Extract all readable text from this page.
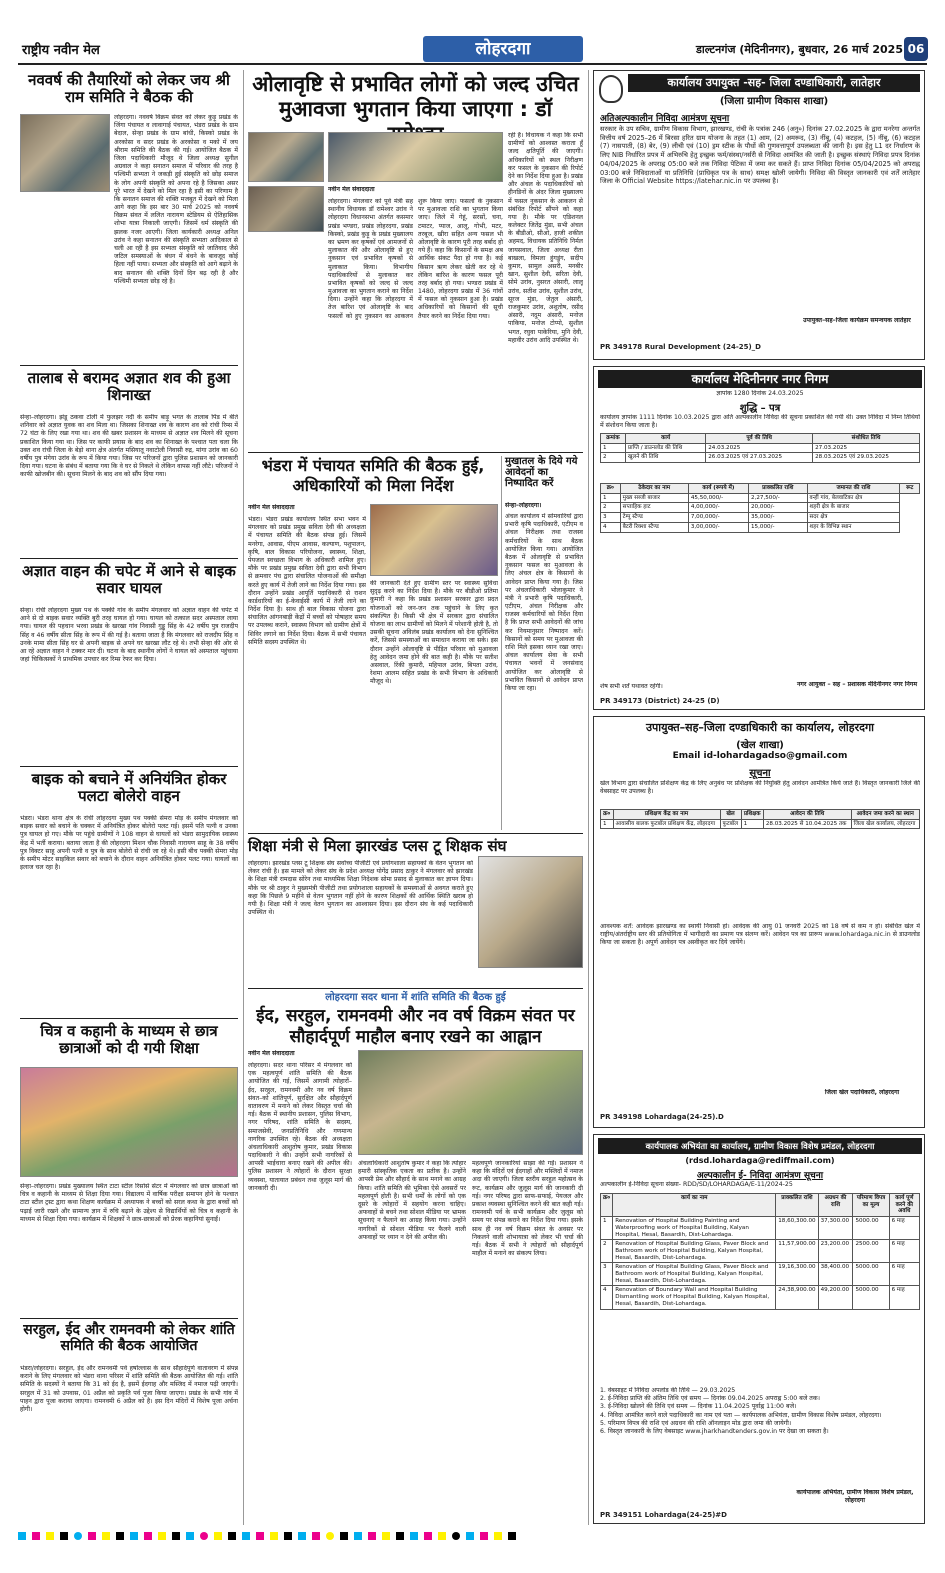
राष्ट्रीय नवीन मेल	लोहरदगा	डाल्टनगंज (मेदिनीनगर), बुधवार, 26 मार्च 2025 06
नववर्ष की तैयारियों को लेकर जय श्री राम समिति ने बैठक की

लोहरदगा। नववर्ष विक्रम संवत को लेकर कुड़ू प्रखंड के जिंगा पंचायत व लावागाई पंचायत, भंडरा प्रखंड के ग्राम बेदाल, सेन्हा प्रखंड के ग्राम बांधी, किस्को प्रखंड के अरकोसा व सदर प्रखंड के अरकोसा व मको में जय श्रीराम समिति की बैठक की गई। आयोजित बैठक में जिला पदाधिकारी मौजूद थे जिला अध्यक्ष सुनील अग्रवाल ने कहा सनातन समाज में परिवार की तरह है पश्चिमी सभ्यता ने जकड़ी हुई संस्कृति को छोड़ समाज के लोग अपनी संस्कृति को अपना रहे है जिसका असर पूरे भारत में देखने को मिल रहा है इसी का परिणाम है कि सनातन समाज की शक्ति मजबूत में देखने को मिला आगे कहा कि इस बार 30 मार्च 2025 को नववर्ष विक्रम संवत में ललित नारायण स्टेडियम से ऐतिहासिक शोभा यात्रा निकाली जाएगी। जिसमें धर्म संस्कृति की झलक नजर आएगी। जिला कार्यकारी अध्यक्ष अनिल उरांव ने कहा सनातन की संस्कृति सभ्यता आदिकाल से चली आ रही है इस सभ्यता संस्कृति को जातिवाद जैसे जटिल समस्याओं के बंधन में बंधने के बावजूद कोई हिला नहीं पाया। सभ्यता और संस्कृति को आगे बढ़ाने के बाद सनातन की शक्ति दिनों दिन बढ़ रही है और पश्चिमी सभ्यता छोड़ रहे है।

तालाब से बरामद अज्ञात शव की हुआ शिनाख्त
सेन्हा–लोहरदगा। झंडू ठकवा टोली में फुलझर नदी के समीप बाड़ू भगत के तालाब पिंड में बीते शनिवार को अज्ञात युवक का शव मिला था। जिसका शिनाख्त शव के कारण शव को रांची रिम्स में 72 घंटा के लिए रखा गया था। शव की खबर प्रशासन के माध्यम से अज्ञात शव मिलने की सूचना प्रकाशित किया गया था। जिस पर काफी प्रयास के बाद शव का शिनाख्त के पश्चात पता चला कि उक्त शव रांची जिला के बेड़ो थाना क्षेत्र अंतर्गत मसियातू नवाटोली निवासी रुद्र, मांगा उरांव का 60 वर्षीय पुत्र मंगेया उरांव के रूप में किया गया। जिस पर परिजनों द्वारा पुलिस प्रशासन को जानकारी दिया गया। घटना के संबंध में बताया गया कि वे घर से निकले थे लेकिन वापस नहीं लौटे। परिजनों ने काफी खोजबीन की। सूचना मिलने के बाद शव को सौंप दिया गया।
अज्ञात वाहन की चपेट में आने से बाइक सवार घायल
सेन्हा। रांची लोहरदगा मुख्य पथ के पक्की गांव के समीप मंगलवार को अज्ञात वाहन की चपेट में आने से दो बाइक सवार व्यक्ति बुरी तरह घायल हो गया। घायल को तत्काल सदर अस्पताल लाया गया। घायल की पहचान भरवा प्रखंड के खरखा गांव निवासी गुड्डू सिंह के 42 वर्षीय पुत्र राजदीप सिंह व 46 वर्षीय सीता सिंह के रूप में की गई है। बताया जाता है कि मंगलवार को राजदीप सिंह व उनके मामा सीता सिंह घर से अपनी बाइक से अपने घर खरखा लौट रहे थे। तभी सेन्हा की ओर से आ रहे अज्ञात वाहन ने टक्कर मार दी। घटना के बाद स्थानीय लोगों ने घायल को अस्पताल पहुंचाया जहां चिकित्सकों ने प्राथमिक उपचार कर रिम्स रेफर कर दिया।
बाइक को बचाने में अनियंत्रित होकर पलटा बोलेरो वाहन
भंडरा। भंडरा थाना क्षेत्र के रांची लोहरदगा मुख्य पथ पक्की सेमरा मोड़ के समीप मंगलवार को बाइक सवार को बचाने के चक्कर में अनियंत्रित होकर बोलेरो पलट गई। इसमें पति पत्नी व उनका पुत्र घायल हो गए। मौके पर पहुंचे ग्रामीणों ने 108 वाहन से घायलों को भंडरा सामुदायिक स्वास्थ्य केंद्र में भर्ती कराया। बताया जाता है की लोहरदगा मिशन चौक निवासी नारायण साहू के 38 वर्षीय पुत्र विक्टर साहू अपनी पत्नी व पुत्र के साथ बोलेरो से रांची जा रहे थे। इसी बीच पक्की सेमरा मोड़ के समीप मोटर साइकिल सवार को बचाने के दौरान वाहन अनियंत्रित होकर पलट गया। घायलों का इलाज चल रहा है।
चित्र व कहानी के माध्यम से छात्र छात्राओं को दी गयी शिक्षा
सेन्हा–लोहरदगा। प्रखंड मुख्यालय स्थित टाटा स्टील रिसोर्स सेंटर में मंगलवार को छात्र छात्राओं को चित्र व कहानी के माध्यम से शिक्षा दिया गया। विद्यालय में वार्षिक परीक्षा समापन होने के पश्चात टाटा स्टील ट्रस्ट द्वारा कथा शिक्षण कार्यक्रम में अध्यापक ने बच्चों को सरल कथा के द्वारा बच्चों को पढ़ाई जारी रखने और सामान्य ज्ञान में रुचि बढ़ाने के उद्देश्य से विद्यार्थियों को चित्र व कहानी के माध्यम से शिक्षा दिया गया। कार्यक्रम में शिक्षकों ने छात्र-छात्राओं को प्रेरक कहानियां सुनाईं।
सरहुल, ईद और रामनवमी को लेकर शांति समिति की बैठक आयोजित
भंडरा/लोहरदगा। सरहुल, ईद और रामनवमी पर्व हर्षोल्लास के साथ सौहार्दपूर्ण वातावरण में संपन्न कराने के लिए मंगलवार को भंडरा थाना परिसर में शांति समिति की बैठक आयोजित की गई। शांति समिति के सदस्यों ने बताया कि 31 को ईद है, इसमें ईदगाह और मस्जिद में नमाज पढ़ी जाएगी। सरहुल में 31 को उपवास, 01 अप्रैल को प्रकृति पर्व पूजा किया जाएगा। प्रखंड के सभी गांव में पाहन द्वारा पूजा कराया जाएगा। रामनवमी 6 अप्रैल को है। इस दिन मंदिरों में विशेष पूजा अर्चना होगी।
ओलावृष्टि से प्रभावित लोगों को जल्द उचित मुआवजा भुगतान किया जाएगा : डॉ
नवीन मेल संवाददाता
लोहरदगा। मंगलवार को पूर्व मंत्री सह स्थानीय विधायक डॉ रामेश्वर उरांव ने लोहरदगा विधानसभा अंतर्गत कसमार प्रखंड भण्डरा, प्रखंड लोहरदगा, प्रखंड किस्को, प्रखंड कुड़ू के प्रखंड मुख्यालय का भ्रमण कर कृषकों एवं आमजनों से मुलाकात की और ओलावृष्टि से हुए नुकसान एवं प्रभावित कृषकों से मुलाकात किया। विभागीय पदाधिकारियों से मुलाकात कर प्रभावित कृषकों को जल्द से जल्द मुआवजा का भुगतान कराने का निर्देश दिया। उन्होंने कहा कि लोहरदगा में तेज बारिश एवं ओलावृष्टि के बाद फसलों को हुए नुकसान का आकलन शुरू किया जाए। फसलों के नुकसान पर मुआवजा राशि का भुगतान किया जाए। जिले में गेहूं, सरसों, चना, टमाटर, प्याज, आलू, गोभी, मटर, तरबूज, खीरा सहित अन्य फसल भी ओलावृष्टि के कारण पूरी तरह बर्बाद हो गये हैं। कहा कि किसानों के समक्ष अब आर्थिक संकट पैदा हो गया है। कई किसान ऋण लेकर खेती कर रहे थे लेकिन बारिश के कारण फसल पूरी तरह बर्बाद हो गया। भण्डरा प्रखंड में 1480, लोहरदगा प्रखंड में 36 गांवों में फसल को नुकसान हुआ है। प्रखंड अधिकारियों को किसानों की सूची तैयार करने का निर्देश दिया गया।
रही है। विधायक ने कहा कि सभी ग्रामीणों को आश्वस्त कराता हूँ जल्द क्षतिपूर्ति की जाएगी। अधिकारियों को स्थल निरीक्षण कर फसल के नुकसान की रिपोर्ट देने का निर्देश दिया हुआ है। प्रखंड और अंचल के पदाधिकारियों को हीनडिनों के अंदर जिला मुख्यालय में फसल नुकसान के आकलन से संबंधित रिपोर्ट सौंपने को कहा गया है। मौके पर एडिशनल कलेक्टर जितेंद्र मुंडा, सभी अंचल के बीडीओ, सीओ, हाजी शकील अहमद, विधायक प्रतिनिधि निर्मल जायसवाल, जिला अध्यक्ष रीता बाखला, विमला हुंगडुंग, सदीप कुमार, सामुल असरी, मनबीर खान, सुशील देवी, सरिता देवी, सोमे उरांव, नुसरत अंसारी, लालू उरांव, सतीश उरांव, सुशील उरांव, सूरज मुंडा, जेतुल अंसारी, राजकुमार उरांव, अशुतोष, रसीद अंसारी, नदुम अंसारी, मनोज पाकिया, मनोज टोप्पो, सुशील भगत, रघुवा पाकेरिया, मुनि देवी, महावीर उरांव आदि उपस्थित थे।
भंडरा में पंचायत समिति की बैठक हुई, अधिकारियों को मिला निर्देश
नवीन मेल संवाददाता
भंडरा। भंडरा प्रखंड कार्यालय स्थित सभा भवन में मंगलवार को प्रखंड प्रमुख सविता देवी की अध्यक्षता में पंचायत समिति की बैठक संपन्न हुई। जिसमें मनरेगा, आवास, पीएम आवास, कल्याण, पशुपालन, कृषि, बाल विकास परियोजना, स्वास्थ्य, शिक्षा, पेयजल स्वच्छता विभाग के अधिकारी शामिल हुए। मौके पर प्रखंड प्रमुख सविता देवी द्वारा सभी विभाग से क्रमवार पंच द्वारा संचालित योजनाओं की समीक्षा करते हुए कार्य में तेजी लाने का निर्देश दिया गया। इस दौरान उन्होंने प्रखंड आपूर्ति पदाधिकारी से राशन कार्डधारियों का ई-केवाईसी कार्य में तेजी लाने का निर्देश दिया है। साथ ही बाल विकास योजना द्वारा संचालित आंगनबाड़ी केंद्रों में बच्चों को पोषाहार समय पर उपलब्ध कराने, स्वास्थ्य विभाग को ग्रामीण क्षेत्रों में शिविर लगाने का निर्देश दिया। बैठक में सभी पंचायत समिति सदस्य उपस्थित थे।
की जानकारी देते हुए ग्रामीण स्तर पर स्वास्थ्य सुविधा सुदृढ़ करने का निर्देश दिया है। मौके पर बीडीओ प्रतिमा कुमारी ने कहा कि प्रखंड प्रशासन सरकार द्वारा प्रदत योजनाओं को जन-जन तक पहुंचाने के लिए कृत संकल्पित है। किसी भी क्षेत्र में सरकार द्वारा संचालित योजना का लाभ ग्रामीणों को मिलने में परेशानी होती है, तो उसकी सूचना अविलंब प्रखंड कार्यालय को देना सुनिश्चित करें, जिससे समस्याओं का समाधान कराया जा सके। इस दौरान उन्होंने ओलावृष्टि से पीड़ित परिवार को मुआवजा हेतु आवेदन जमा होने की बात कही है। मौके पर सतीश असवाल, रिंकी कुमारी, महिपाल उरांव, बिपता उरांव, रेशमा आलम सहित प्रखंड के सभी विभाग के अधिकारी मौजूद थे।
मुखातल के दिये गये आवेदनों का निष्पादित करें
सेन्हा–लोहरदगा।
अंचल कार्यालय में सोमवारियों द्वारा प्रभारी कृषि पदाधिकारी, एटीएम व अंचल निरीक्षक तथा राजस्व कर्मचारियों के साथ बैठक आयोजित किया गया। आयोजित बैठक में ओलावृष्टि से प्रभावित नुकसान फसल का मुआवजा के लिए अंचल क्षेत्र के किसानों के आवेदन प्राप्त किया गया है। जिस पर अंचलाधिकारी भोलाकुमार ने मंत्री ने प्रभारी कृषि पदाधिकारी, एटीएम, अंचल निरीक्षक और राजस्व कर्मचारियों को निर्देश दिया है कि प्राप्त सभी आवेदनों की जांच कर नियमानुसार निष्पादन करें। किसानों को समय पर मुआवजा की राशि मिले इसका ध्यान रखा जाए। अंचल कार्यालय सेवा के सभी पंचायत भवनों में जनसंवाद आयोजित कर ओलावृष्टि से प्रभावित किसानों से आवेदन प्राप्त किया जा रहा।
शिक्षा मंत्री से मिला झारखंड प्लस टू शिक्षक संघ
लोहरदगा। झारखंड प्लस टू शिक्षक संघ सर्वोच्च पीजीटी एवं प्रयोगशाला सहायकों के वेतन भुगतान को लेकर रांची है। इस मामले को लेकर संघ के प्रदेश अध्यक्ष योगेंद्र प्रसाद ठाकुर ने मंगलवार को झारखंड के शिक्षा मंत्री रामदास सोरेन तथा माध्यमिक शिक्षा निदेशक सोमा प्रसाद से मुलाकात कर ज्ञापन दिया। मौके पर श्री ठाकुर ने मुख्यमंत्री पीजीटी तथा प्रयोगशाला सहायकों के समस्याओं से अवगत कराते हुए कहा कि पिछले 9 महीने से वेतन भुगतान नहीं होने के कारण शिक्षकों की आर्थिक स्थिति खराब हो गयी है। शिक्षा मंत्री ने जल्द वेतन भुगतान का आश्वासन दिया। इस दौरान संघ के कई पदाधिकारी उपस्थित थे।
लोहरदगा सदर थाना में शांति समिति की बैठक हुई
ईद, सरहुल, रामनवमी और नव वर्ष विक्रम संवत पर सौहार्दपूर्ण माहौल बनाए रखने का आह्वान
नवीन मेल संवाददाता
लोहरदगा। सदर थाना परिसर में मंगलवार को एक महत्वपूर्ण शांति समिति की बैठक आयोजित की गई, जिसमें आगामी त्योहारों–ईद, सरहुल, रामनवमी और नव वर्ष विक्रम संवत–को शांतिपूर्ण, सुरक्षित और सौहार्दपूर्ण वातावरण में मनाने को लेकर विस्तृत चर्चा की गई। बैठक में स्थानीय प्रशासन, पुलिस विभाग, नगर परिषद, शांति समिति के सदस्य, समाजसेवी, जनप्रतिनिधि और गणमान्य नागरिक उपस्थित रहे। बैठक की अध्यक्षता अंचलाधिकारी आशुतोष कुमार, प्रखंड विकास पदाधिकारी ने की। उन्होंने सभी नागरिकों से आपसी भाईचारा बनाए रखने की अपील की। पुलिस प्रशासन ने त्योहारों के दौरान सुरक्षा व्यवस्था, यातायात प्रबंधन तथा जुलूस मार्ग की जानकारी दी।
अंचलाधिकारी आशुतोष कुमार ने कहा कि त्योहार हमारी सांस्कृतिक एकता का प्रतीक है। उन्होंने आपसी प्रेम और सौहार्द के साथ मनाने का आग्रह किया। शांति समिति की भूमिका ऐसे अवसरों पर महत्वपूर्ण होती है। सभी धर्मों के लोगों को एक दूसरे के त्योहारों में सहयोग करना चाहिए। अफवाहों से बचने तथा सोशल मीडिया पर भ्रामक सूचनाएं न फैलाने का आग्रह किया गया। उन्होंने नागरिकों से सोशल मीडिया पर फैलने वाली अफवाहों पर ध्यान न देने की अपील की।
महत्वपूर्ण जानकारियां साझा की गईं। प्रशासन ने कहा कि मंदिरों एवं ईदगाहों और मस्जिदों में नमाज अदा की जाएगी। जिला स्तरीय सरहुल महोत्सव के रूट, कार्यक्रम और जुलूस मार्ग की जानकारी दी गई। नगर परिषद द्वारा साफ-सफाई, पेयजल और प्रकाश व्यवस्था सुनिश्चित करने की बात कही गई। रामनवमी पर्व के सभी कार्यक्रम और जुलूस को समय पर संपन्न कराने का निर्देश दिया गया। इसके साथ ही नव वर्ष विक्रम संवत के अवसर पर निकलने वाली शोभायात्रा को लेकर भी चर्चा की गई। बैठक में सभी ने त्योहारों को सौहार्दपूर्ण माहौल में मनाने का संकल्प लिया।
कार्यालय उपायुक्त -सह- जिला दण्डाधिकारी, लातेहार
(जिला ग्रामीण विकास शाखा)
अतिअल्पकालीन निविदा आमंत्रण सूचना
सरकार के उप सचिव, ग्रामीण विकास विभाग, झारखण्ड, रांची के पत्रांक 246 (अनु०) दिनांक 27.02.2025 के द्वारा मनरेगा अन्तर्गत वित्तीय वर्ष 2025–26 में बिरसा हरित ग्राम योजना के तहत (1) आम, (2) अमरूद, (3) नींबू, (4) कटहल, (5) नींबू, (6) कटहल (7) नासपाती, (8) बेर, (9) लीची एवं (10) ड्रम स्टीक के पौधों की गुणवत्तापूर्ण उपलब्धता की जानी है। इस हेतु L1 दर निर्धारण के लिए NIB निर्धारित प्रपत्र में अभिरुचि हेतु इच्छुक फर्म/संस्था/नर्सरी से निविदा आमंत्रित की जाती है। इच्छुक संस्थाएं निविदा प्रपत्र दिनांक 04/04/2025 के अपराह्न 05:00 बजे तक निविदा पेटिका में जमा कर सकते हैं। प्राप्त निविदा दिनांक 05/04/2025 को अपराह्न 03:00 बजे निविदाताओं या प्रतिनिधि (प्राधिकृत पत्र के साथ) समक्ष खोली जायेगी। निविदा की विस्तृत जानकारी एवं शर्तें लातेहार जिला के Official Website https://latehar.nic.in पर उपलब्ध है।
उपायुक्त–सह–जिला कार्यक्रम समन्वयक लातेहार
PR 349178 Rural Development (24-25)_D
कार्यालय मेदिनीनगर नगर निगम
ज्ञापांक 1280 दिनांक 24.03.2025
शुद्धि – पत्र
कार्यालय ज्ञापांक 1111 दिनांक 10.03.2025 द्वारा अति अल्पकालीन निविदा की सूचना प्रकाशित की गयी थी। उक्त निविदा में निम्न तिथियों में संशोधन किया जाता है।
क्रमांक	कार्य	पूर्व की तिथि	संशोधित तिथि
1	प्राप्ति / डाउनलोड की तिथि	24.03.2025	27.03.2025
2	खुलने की तिथि	26.03.2025 एवं 27.03.2025	28.03.2025 एवं 29.03.2025
क्र०	ठेकेदार का नाम	कार्य (रूपये में)	प्राक्कलित राशि	जमानत की राशि	रूट
1	मुख्य सब्जी बाजार	45,50,000/-	2,27,500/-	वन्हीं गांव, बेलवाटिका क्षेत्र	
2	सप्ताहिक हाट	4,00,000/-	20,000/-	शहरी क्षेत्र के बाजार	
3	टेम्पू स्टैण्ड	7,00,000/-	35,000/-	सदर क्षेत्र	
4	बैटरी रिक्शा स्टैण्ड	3,00,000/-	15,000/-	शहर के विभिन्न स्थान	
शेष सभी शर्तें यथावत रहेंगी।	नगर आयुक्त – सह – प्रशासक मेदिनीनगर नगर निगम
PR 349173 (District) 24-25 (D)
उपायुक्त–सह–जिला दण्डाधिकारी का कार्यालय, लोहरदगा
(खेल शाखा)
Email id-lohardagadso@gmail.com
सूचना
खेल विभाग द्वारा संचालित प्रशिक्षण केंद्र के लिए अनुबंध पर प्रशिक्षक की नियुक्ति हेतु आवेदन आमंत्रित किये जाते हैं। विस्तृत जानकारी जिले की वेबसाइट पर उपलब्ध है।
क्र०	प्रशिक्षण केंद्र का नाम	खेल	प्रशिक्षक	आवेदन की तिथि	आवेदन जमा करने का स्थान
1	आवासीय बालक फुटबॉल प्रशिक्षण केंद्र, लोहरदगा	फुटबॉल	1	28.03.2025 से 10.04.2025 तक	जिला खेल कार्यालय, लोहरदगा
आवश्यक शर्तें: आवेदक झारखण्ड का स्थायी निवासी हो। आवेदक की आयु 01 जनवरी 2025 को 18 वर्ष से कम न हो। संबंधित खेल में राष्ट्रीय/अंतर्राष्ट्रीय स्तर की प्रतियोगिता में भागीदारी का प्रमाण पत्र संलग्न करें। आवेदन पत्र का प्रारूप www.lohardaga.nic.in से डाउनलोड किया जा सकता है। अपूर्ण आवेदन पत्र अस्वीकृत कर दिये जायेंगे।
जिला खेल पदाधिकारी, लोहरदगा
PR 349198 Lohardaga(24-25).D
कार्यपालक अभियंता का कार्यालय, ग्रामीण विकास विशेष प्रमंडल, लोहरदगा
(rdsd.lohardaga@rediffmail.com)
अल्पकालीन ई- निविदा आमंत्रण सूचना
अल्पकालीन ई-निविदा सूचना संख्या- RDD/SD/LOHARDAGA/E-11/2024-25
क्र०	कार्य का नाम	प्राक्कलित राशि	अग्रधन की राशि	परिमाण विपत्र का मूल्य	कार्य पूर्ण करने की अवधि
1	Renovation of Hospital Building Painting and Waterproofing work of Hospital Building, Kalyan Hospital, Hesal, Basardih, Dist-Lohardaga.	18,60,300.00	37,300.00	5000.00	6 माह
2	Renovation of Hospital Building Glass, Paver Block and Bathroom work of Hospital Building, Kalyan Hospital, Hesal, Basardih, Dist-Lohardaga.	11,57,900.00	23,200.00	2500.00	6 माह
3	Renovation of Hospital Building Glass, Paver Block and Bathroom work of Hospital Building, Kalyan Hospital, Hesal, Basardih, Dist-Lohardaga.	19,16,300.00	38,400.00	5000.00	6 माह
4	Renovation of Boundary Wall and Hospital Building Dismantling work of Hospital Building, Kalyan Hospital, Hesal, Basardih, Dist-Lohardaga.	24,38,900.00	49,200.00	5000.00	6 माह
1. वेबसाइट में निविदा अपलोड की तिथि — 29.03.2025
2. ई-निविदा प्राप्ति की अंतिम तिथि एवं समय — दिनांक 09.04.2025 अपराह्न 5:00 बजे तक।
3. ई-निविदा खोलने की तिथि एवं समय — दिनांक 11.04.2025 पूर्वाह्न 11:00 बजे।
4. निविदा आमंत्रित करने वाले पदाधिकारी का नाम एवं पता — कार्यपालक अभियंता, ग्रामीण विकास विशेष प्रमंडल, लोहरदगा।
5. परिमाण विपत्र की राशि एवं अग्रधन की राशि ऑनलाइन मोड द्वारा जमा की जायेगी।
6. विस्तृत जानकारी के लिए वेबसाइट www.jharkhandtenders.gov.in पर देखा जा सकता है।
कार्यपालक अभियंता, ग्रामीण विकास विशेष प्रमंडल, लोहरदगा
PR 349151 Lohardaga(24-25)#D
